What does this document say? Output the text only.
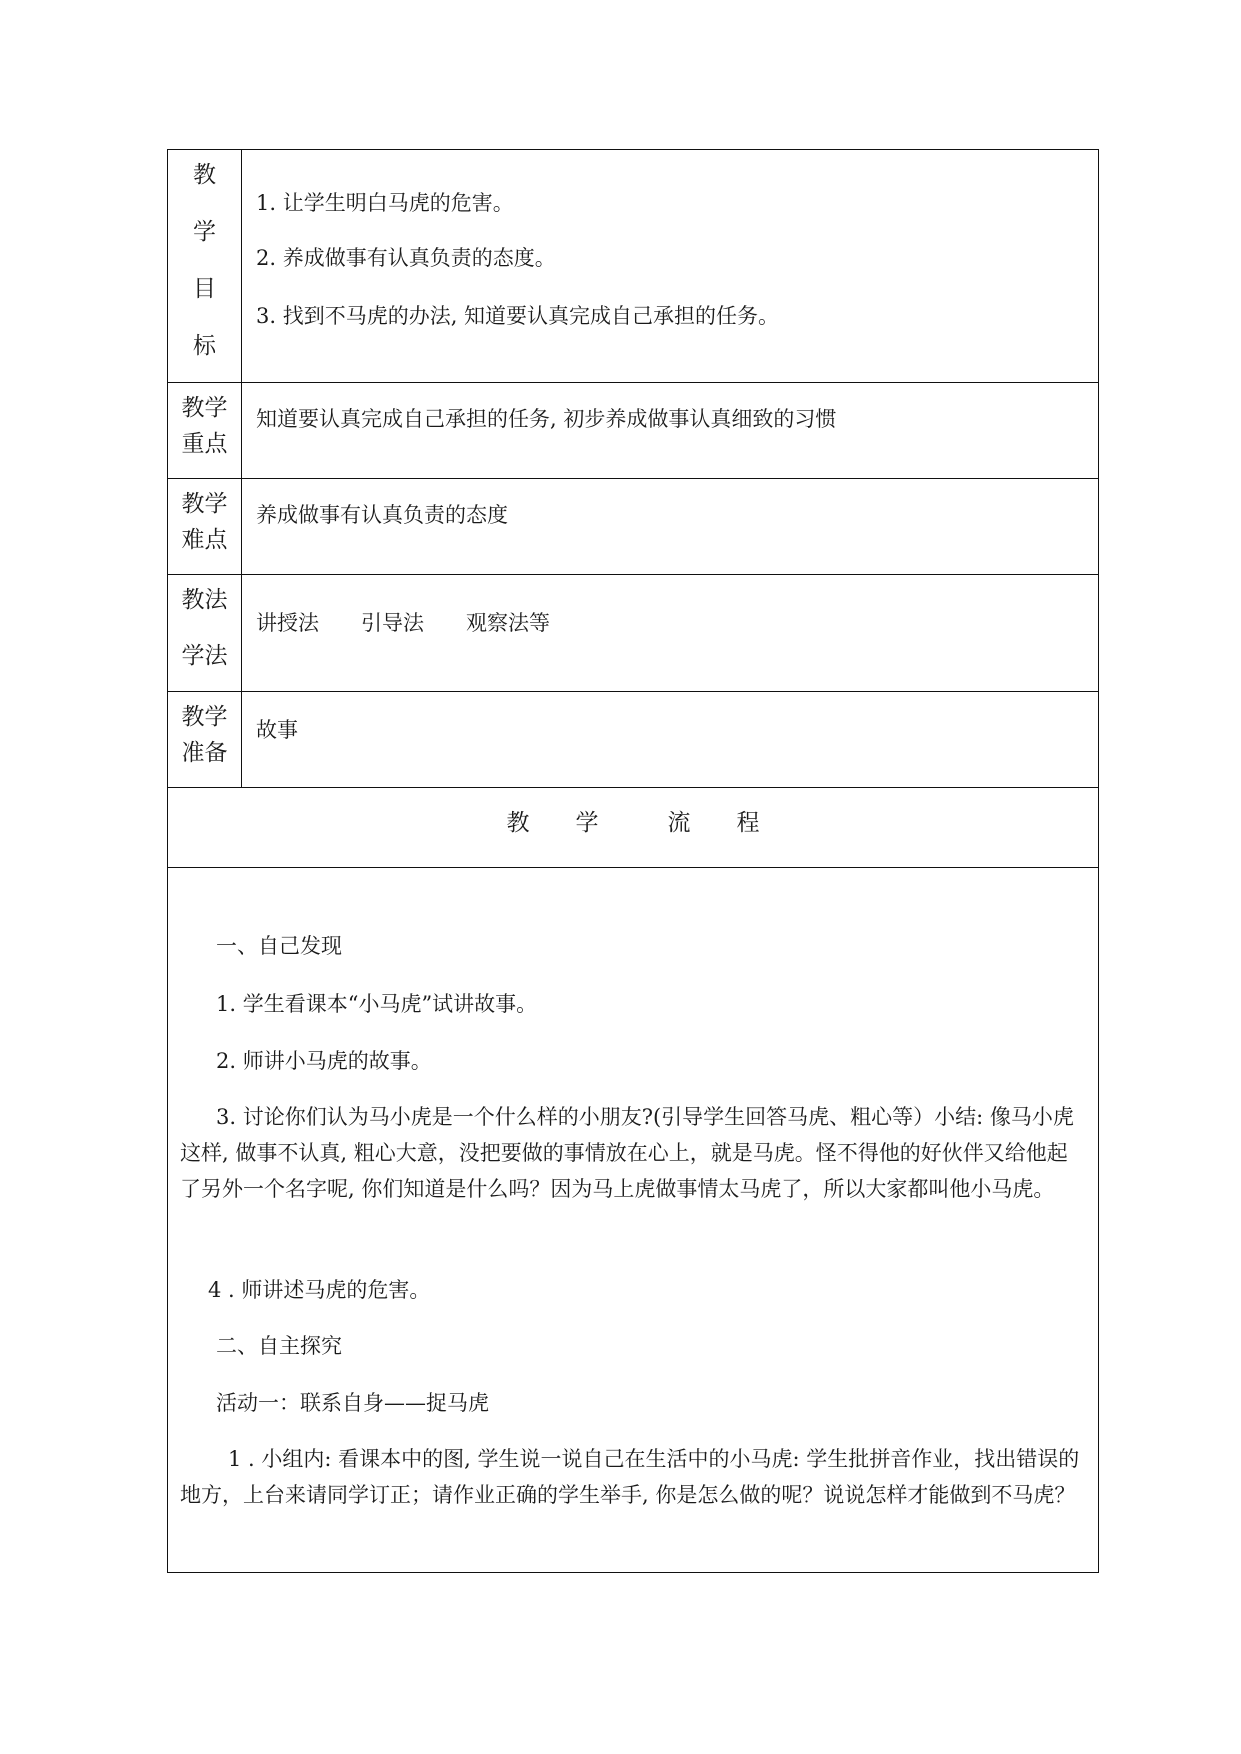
教
学
目
标

1. 让学生明白马虎的危害。

2. 养成做事有认真负责的态度。

3. 找到不马虎的办法, 知道要认真完成自己承担的任务。

教学
重点

知道要认真完成自己承担的任务, 初步养成做事认真细致的习惯

教学
难点

养成做事有认真负责的态度

教法
学法

讲授法　　引导法　　观察法等

教学
准备

故事

教　　学　　　流　　程

一、自己发现

1. 学生看课本“小马虎”试讲故事。

2. 师讲小马虎的故事。

3. 讨论你们认为马小虎是一个什么样的小朋友?(引导学生回答马虎、粗心等）小结: 像马小虎这样, 做事不认真, 粗心大意，没把要做的事情放在心上，就是马虎。怪不得他的好伙伴又给他起了另外一个名字呢, 你们知道是什么吗？因为马上虎做事情太马虎了，所以大家都叫他小马虎。

4 . 师讲述马虎的危害。

二、自主探究

活动一：联系自身——捉马虎

1 . 小组内: 看课本中的图, 学生说一说自己在生活中的小马虎: 学生批拼音作业，找出错误的地方，上台来请同学订正；请作业正确的学生举手, 你是怎么做的呢？说说怎样才能做到不马虎？
